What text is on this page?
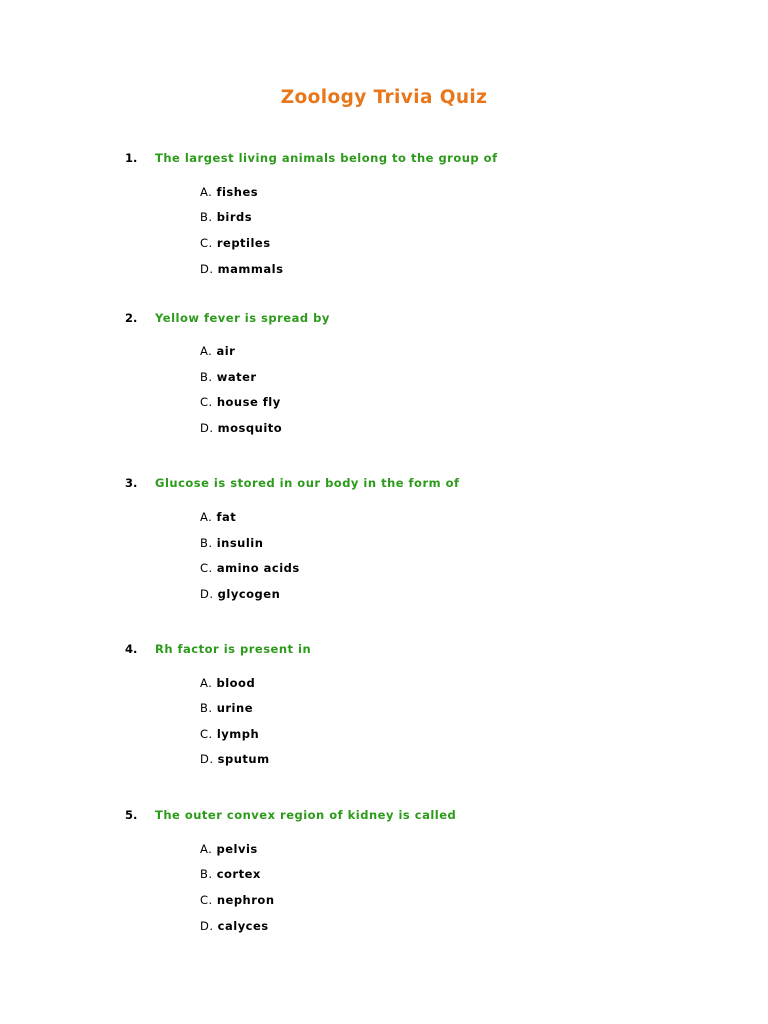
Zoology Trivia Quiz
1. The largest living animals belong to the group of
A. fishes
B. birds
C. reptiles
D. mammals
2. Yellow fever is spread by
A. air
B. water
C. house fly
D. mosquito
3. Glucose is stored in our body in the form of
A. fat
B. insulin
C. amino acids
D. glycogen
4. Rh factor is present in
A. blood
B. urine
C. lymph
D. sputum
5. The outer convex region of kidney is called
A. pelvis
B. cortex
C. nephron
D. calyces
